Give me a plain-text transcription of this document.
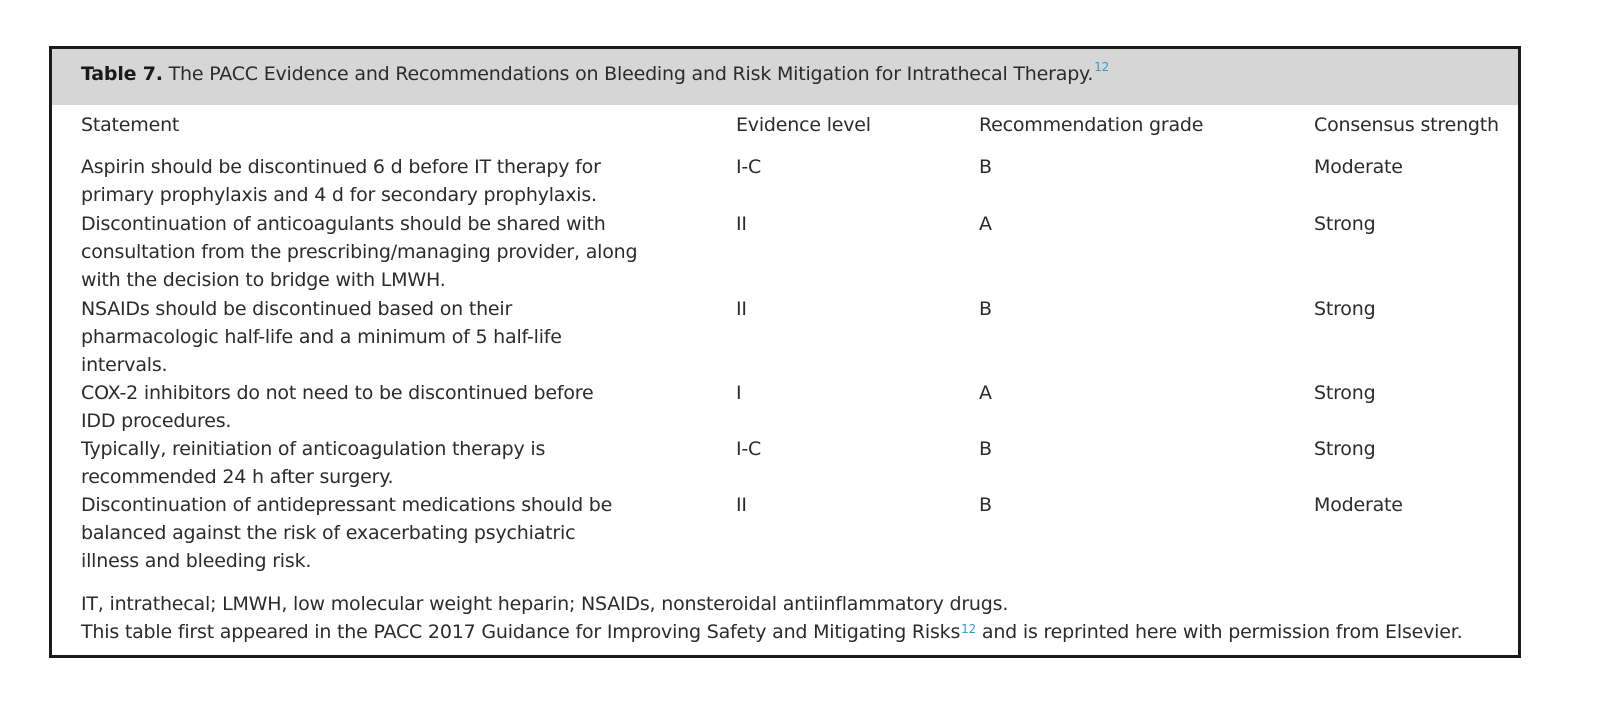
Table 7. The PACC Evidence and Recommendations on Bleeding and Risk Mitigation for Intrathecal Therapy.$^{12}$
Statement	Evidence level	Recommendation grade	Consensus strength
Aspirin should be discontinued 6 d before IT therapy for
primary prophylaxis and 4 d for secondary prophylaxis.
I-C	B	Moderate
Discontinuation of anticoagulants should be shared with
consultation from the prescribing/managing provider, along
with the decision to bridge with LMWH.
II	A	Strong
NSAIDs should be discontinued based on their
pharmacologic half-life and a minimum of 5 half-life
intervals.
II	B	Strong
COX-2 inhibitors do not need to be discontinued before
IDD procedures.
I	A	Strong
Typically, reinitiation of anticoagulation therapy is
recommended 24 h after surgery.
I-C	B	Strong
Discontinuation of antidepressant medications should be
balanced against the risk of exacerbating psychiatric
illness and bleeding risk.
II	B	Moderate
IT, intrathecal; LMWH, low molecular weight heparin; NSAIDs, nonsteroidal antiinflammatory drugs.
This table first appeared in the PACC 2017 Guidance for Improving Safety and Mitigating Risks$^{12}$ and is reprinted here with permission from Elsevier.
